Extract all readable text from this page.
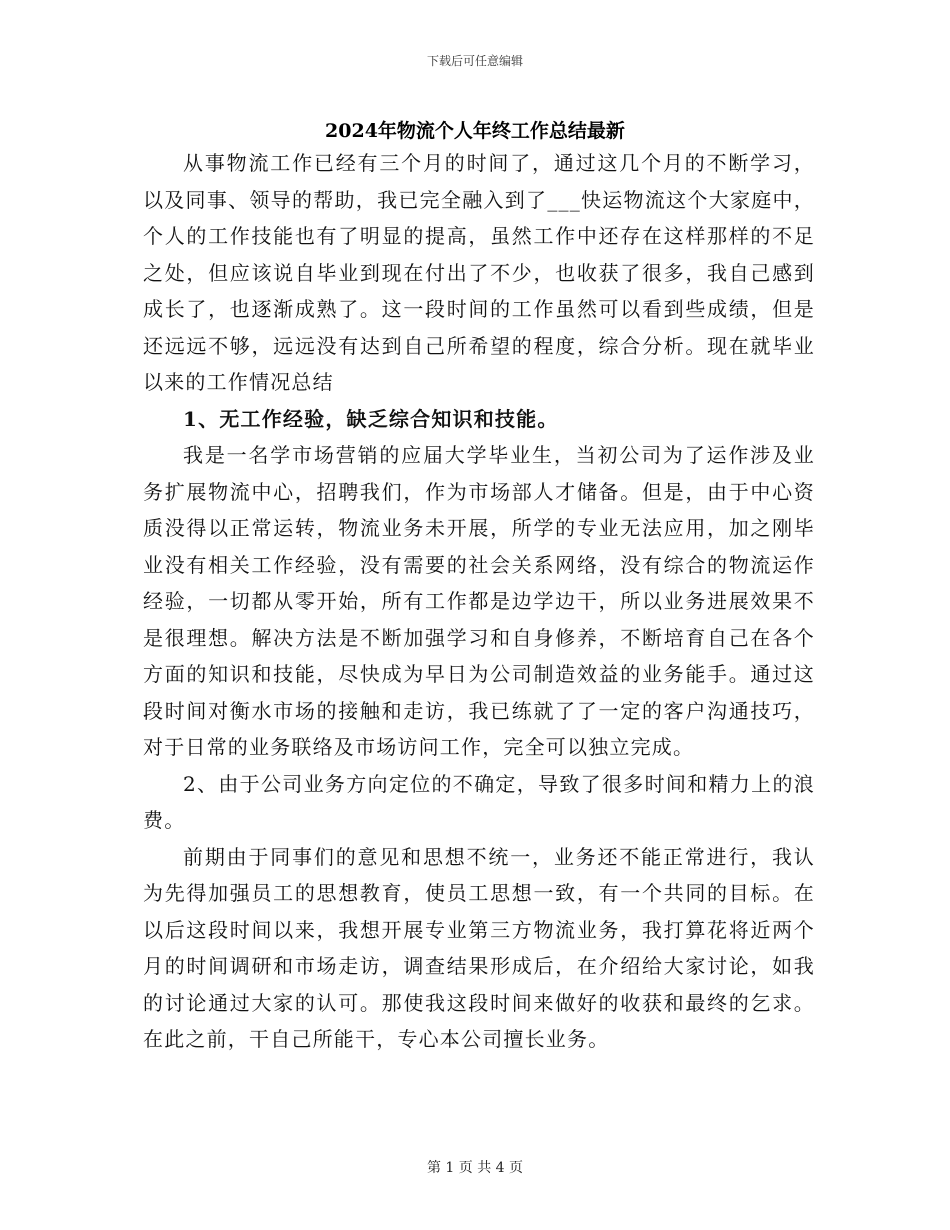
下载后可任意编辑
2024年物流个人年终工作总结最新

从事物流工作已经有三个月的时间了，通过这几个月的不断学习，以及同事、领导的帮助，我已完全融入到了___快运物流这个大家庭中，个人的工作技能也有了明显的提高，虽然工作中还存在这样那样的不足之处，但应该说自毕业到现在付出了不少，也收获了很多，我自己感到成长了，也逐渐成熟了。这一段时间的工作虽然可以看到些成绩，但是还远远不够，远远没有达到自己所希望的程度，综合分析。现在就毕业以来的工作情况总结

1、无工作经验，缺乏综合知识和技能。

我是一名学市场营销的应届大学毕业生，当初公司为了运作涉及业务扩展物流中心，招聘我们，作为市场部人才储备。但是，由于中心资质没得以正常运转，物流业务未开展，所学的专业无法应用，加之刚毕业没有相关工作经验，没有需要的社会关系网络，没有综合的物流运作经验，一切都从零开始，所有工作都是边学边干，所以业务进展效果不是很理想。解决方法是不断加强学习和自身修养，不断培育自己在各个方面的知识和技能，尽快成为早日为公司制造效益的业务能手。通过这段时间对衡水市场的接触和走访，我已练就了了一定的客户沟通技巧，对于日常的业务联络及市场访问工作，完全可以独立完成。

2、由于公司业务方向定位的不确定，导致了很多时间和精力上的浪费。

前期由于同事们的意见和思想不统一，业务还不能正常进行，我认为先得加强员工的思想教育，使员工思想一致，有一个共同的目标。在以后这段时间以来，我想开展专业第三方物流业务，我打算花将近两个月的时间调研和市场走访，调查结果形成后，在介绍给大家讨论，如我的讨论通过大家的认可。那使我这段时间来做好的收获和最终的乞求。在此之前，干自己所能干，专心本公司擅长业务。

第 1 页 共 4 页
